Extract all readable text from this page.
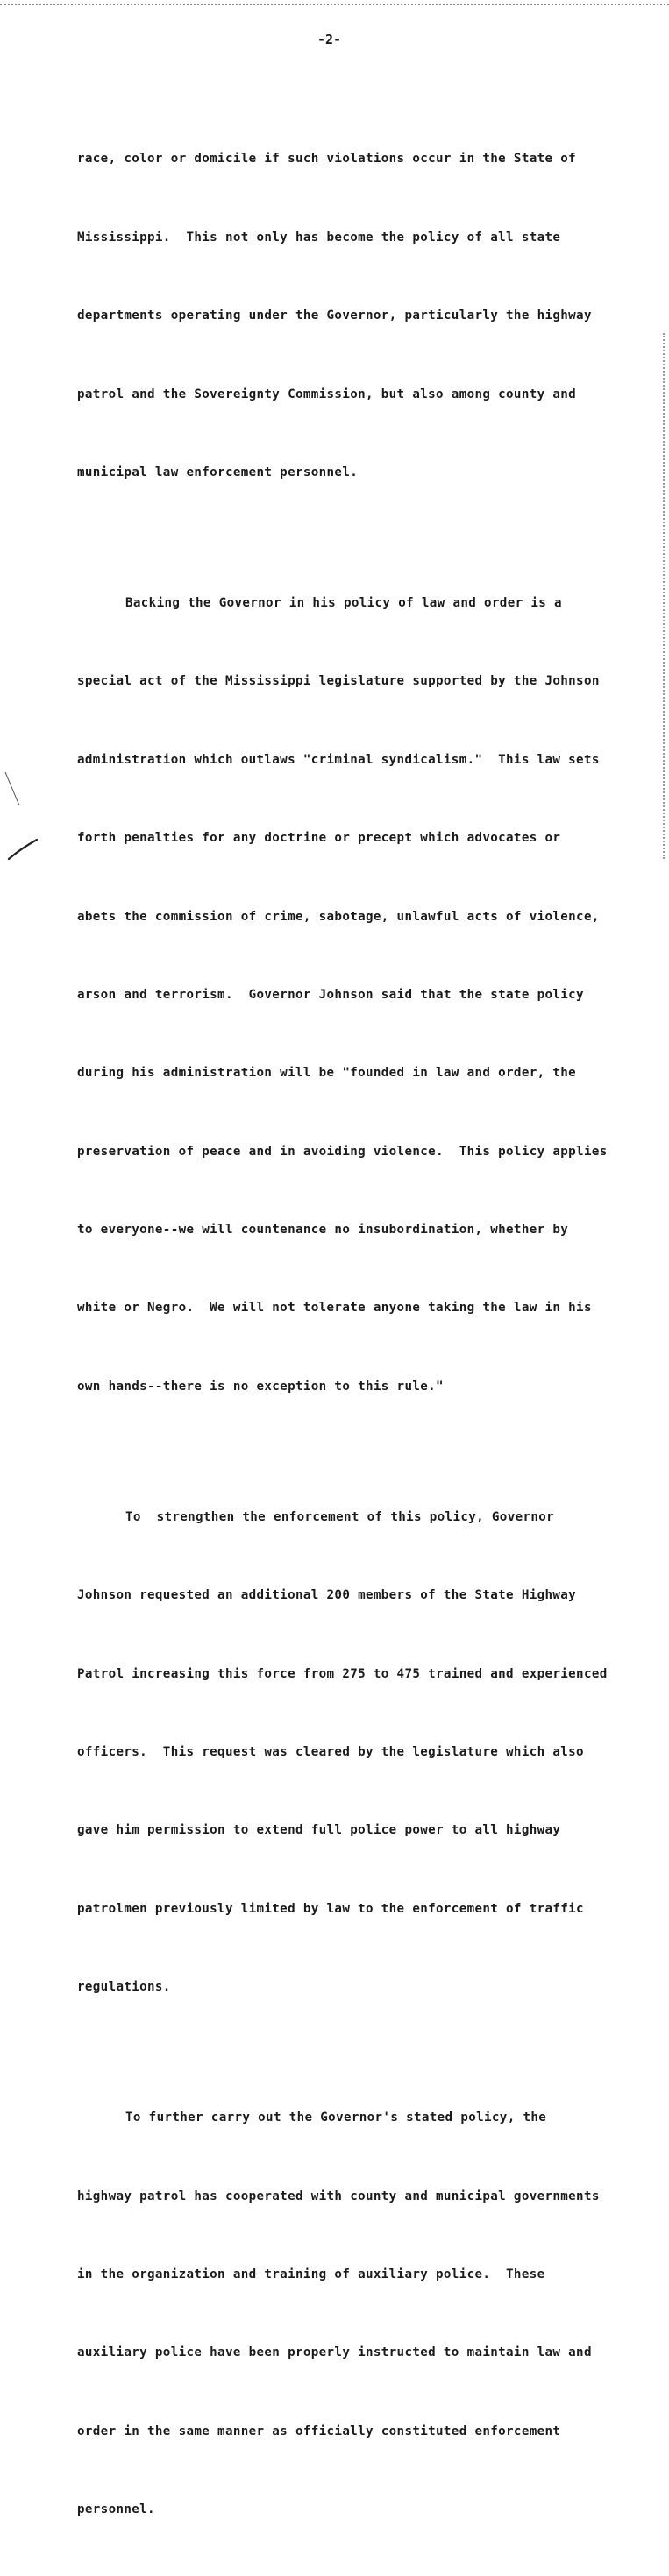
-2-

race, color or domicile if such violations occur in the State of

Mississippi.  This not only has become the policy of all state

departments operating under the Governor, particularly the highway

patrol and the Sovereignty Commission, but also among county and

municipal law enforcement personnel.

Backing the Governor in his policy of law and order is a

special act of the Mississippi legislature supported by the Johnson

administration which outlaws "criminal syndicalism."  This law sets

forth penalties for any doctrine or precept which advocates or

abets the commission of crime, sabotage, unlawful acts of violence,

arson and terrorism.  Governor Johnson said that the state policy

during his administration will be "founded in law and order, the

preservation of peace and in avoiding violence.  This policy applies

to everyone--we will countenance no insubordination, whether by

white or Negro.  We will not tolerate anyone taking the law in his

own hands--there is no exception to this rule."

To  strengthen the enforcement of this policy, Governor

Johnson requested an additional 200 members of the State Highway

Patrol increasing this force from 275 to 475 trained and experienced

officers.  This request was cleared by the legislature which also

gave him permission to extend full police power to all highway

patrolmen previously limited by law to the enforcement of traffic

regulations.

To further carry out the Governor's stated policy, the

highway patrol has cooperated with county and municipal governments

in the organization and training of auxiliary police.  These

auxiliary police have been properly instructed to maintain law and

order in the same manner as officially constituted enforcement

personnel.
